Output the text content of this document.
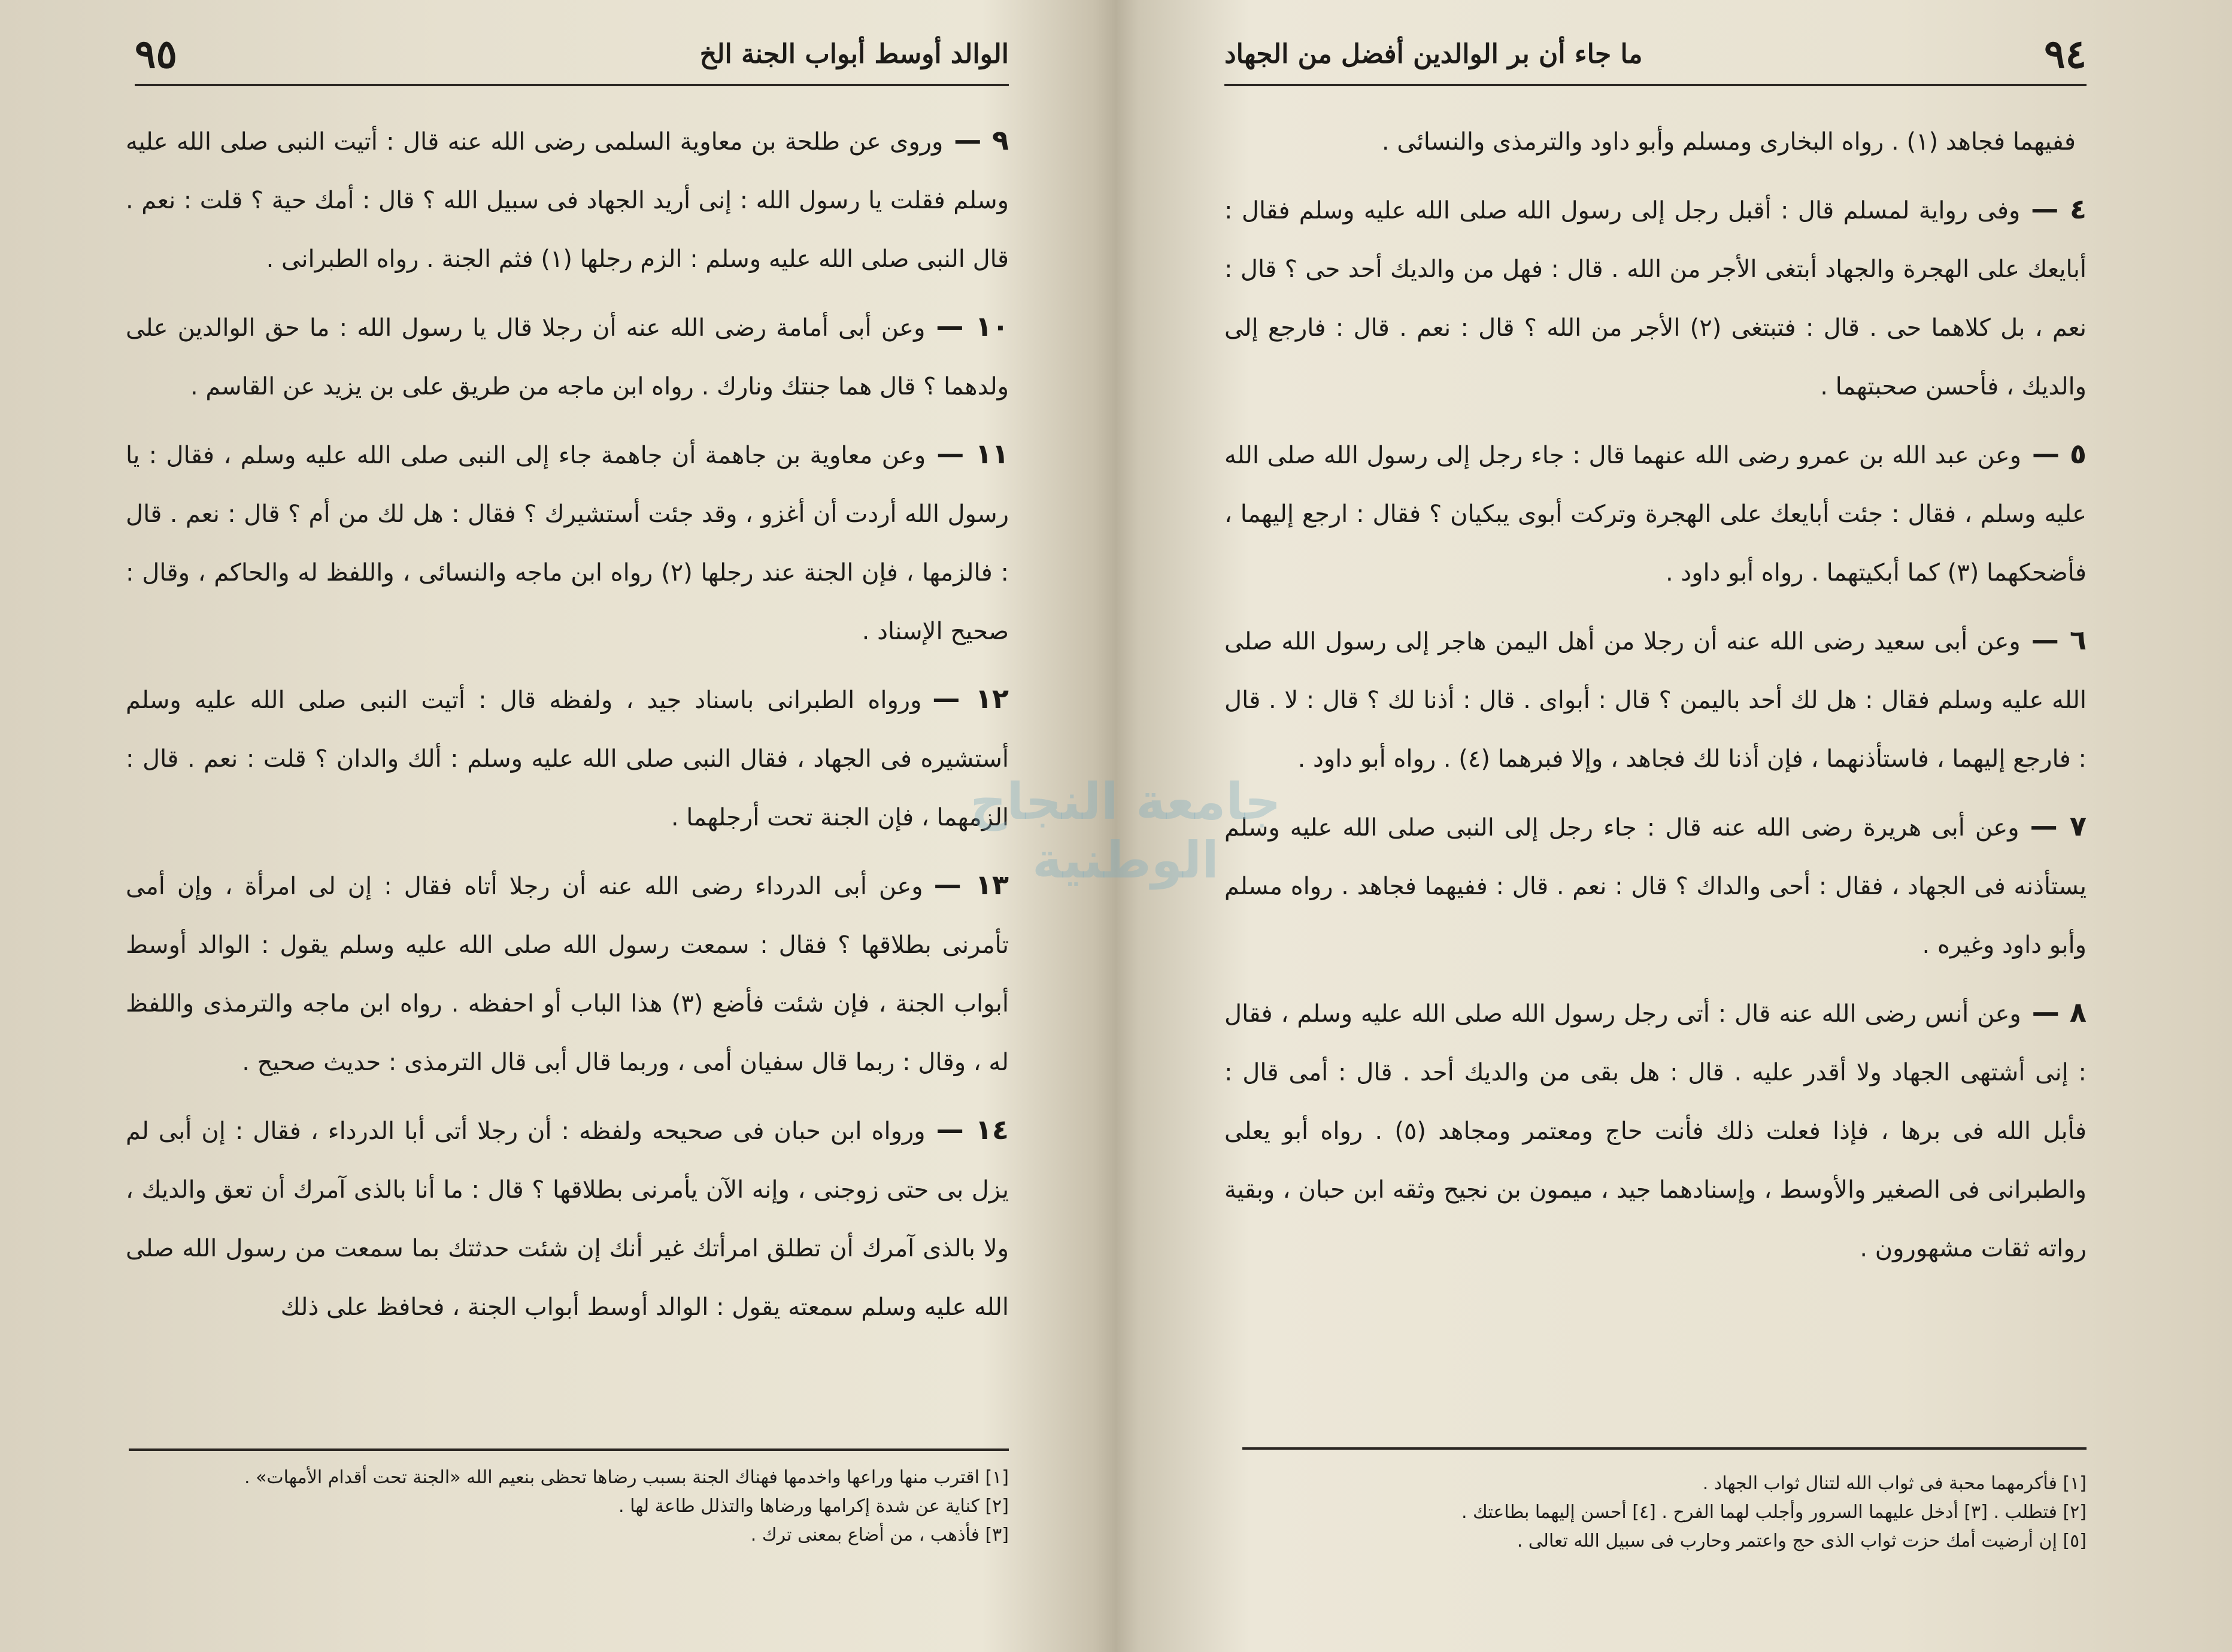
الوالد أوسط أبواب الجنة الخ
٩٥

٩ —وروى عن طلحة بن معاوية السلمى رضى الله عنه قال : أتيت النبى صلى الله عليه وسلم فقلت يا رسول الله : إنى أريد الجهاد فى سبيل الله ؟ قال : أمك حية ؟ قلت : نعم . قال النبى صلى الله عليه وسلم : الزم رجلها (١) فثم الجنة . رواه الطبرانى .

١٠ —وعن أبى أمامة رضى الله عنه أن رجلا قال يا رسول الله : ما حق الوالدين على ولدهما ؟ قال هما جنتك ونارك . رواه ابن ماجه من طريق على بن يزيد عن القاسم .

١١ —وعن معاوية بن جاهمة أن جاهمة جاء إلى النبى صلى الله عليه وسلم ، فقال : يا رسول الله أردت أن أغزو ، وقد جئت أستشيرك ؟ فقال : هل لك من أم ؟ قال : نعم . قال : فالزمها ، فإن الجنة عند رجلها (٢) رواه ابن ماجه والنسائى ، واللفظ له والحاكم ، وقال : صحيح الإسناد .

١٢ —ورواه الطبرانى باسناد جيد ، ولفظه قال : أتيت النبى صلى الله عليه وسلم أستشيره فى الجهاد ، فقال النبى صلى الله عليه وسلم : ألك والدان ؟ قلت : نعم . قال : الزمهما ، فإن الجنة تحت أرجلهما .

١٣ —وعن أبى الدرداء رضى الله عنه أن رجلا أتاه فقال : إن لى امرأة ، وإن أمى تأمرنى بطلاقها ؟ فقال : سمعت رسول الله صلى الله عليه وسلم يقول : الوالد أوسط أبواب الجنة ، فإن شئت فأضع (٣) هذا الباب أو احفظه . رواه ابن ماجه والترمذى واللفظ له ، وقال : ربما قال سفيان أمى ، وربما قال أبى قال الترمذى : حديث صحيح .

١٤ —ورواه ابن حبان فى صحيحه ولفظه : أن رجلا أتى أبا الدرداء ، فقال : إن أبى لم يزل بى حتى زوجنى ، وإنه الآن يأمرنى بطلاقها ؟ قال : ما أنا بالذى آمرك أن تعق والديك ، ولا بالذى آمرك أن تطلق امرأتك غير أنك إن شئت حدثتك بما سمعت من رسول الله صلى الله عليه وسلم سمعته يقول : الوالد أوسط أبواب الجنة ، فحافظ على ذلك

[١] اقترب منها وراعها واخدمها فهناك الجنة بسبب رضاها تحظى بنعيم الله «الجنة تحت أقدام الأمهات» .
[٢] كناية عن شدة إكرامها ورضاها والتذلل طاعة لها .
[٣] فأذهب ، من أضاع بمعنى ترك .
٩٤
ما جاء أن بر الوالدين أفضل من الجهاد

ففيهما فجاهد (١) . رواه البخارى ومسلم وأبو داود والترمذى والنسائى .

٤ —وفى رواية لمسلم قال : أقبل رجل إلى رسول الله صلى الله عليه وسلم فقال : أبايعك على الهجرة والجهاد أبتغى الأجر من الله . قال : فهل من والديك أحد حى ؟ قال : نعم ، بل كلاهما حى . قال : فتبتغى (٢) الأجر من الله ؟ قال : نعم . قال : فارجع إلى والديك ، فأحسن صحبتهما .

٥ —وعن عبد الله بن عمرو رضى الله عنهما قال : جاء رجل إلى رسول الله صلى الله عليه وسلم ، فقال : جئت أبايعك على الهجرة وتركت أبوى يبكيان ؟ فقال : ارجع إليهما ، فأضحكهما (٣) كما أبكيتهما . رواه أبو داود .

٦ —وعن أبى سعيد رضى الله عنه أن رجلا من أهل اليمن هاجر إلى رسول الله صلى الله عليه وسلم فقال : هل لك أحد باليمن ؟ قال : أبواى . قال : أذنا لك ؟ قال : لا . قال : فارجع إليهما ، فاستأذنهما ، فإن أذنا لك فجاهد ، وإلا فبرهما (٤) . رواه أبو داود .

٧ —وعن أبى هريرة رضى الله عنه قال : جاء رجل إلى النبى صلى الله عليه وسلم يستأذنه فى الجهاد ، فقال : أحى والداك ؟ قال : نعم . قال : ففيهما فجاهد . رواه مسلم وأبو داود وغيره .

٨ —وعن أنس رضى الله عنه قال : أتى رجل رسول الله صلى الله عليه وسلم ، فقال : إنى أشتهى الجهاد ولا أقدر عليه . قال : هل بقى من والديك أحد . قال : أمى قال : فأبل الله فى برها ، فإذا فعلت ذلك فأنت حاج ومعتمر ومجاهد (٥) . رواه أبو يعلى والطبرانى فى الصغير والأوسط ، وإسنادهما جيد ، ميمون بن نجيح وثقه ابن حبان ، وبقية رواته ثقات مشهورون .

[١] فأكرمهما محبة فى ثواب الله لتنال ثواب الجهاد .
[٢] فتطلب . [٣] أدخل عليهما السرور وأجلب لهما الفرح . [٤] أحسن إليهما بطاعتك .
[٥] إن أرضيت أمك حزت ثواب الذى حج واعتمر وحارب فى سبيل الله تعالى .
جامعة النجاح الوطنية
